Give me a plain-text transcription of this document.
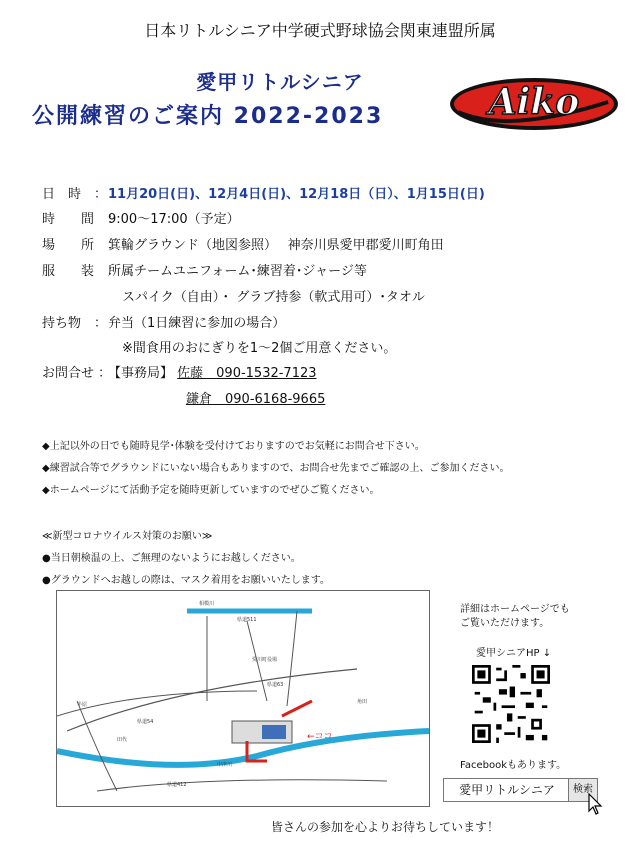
日本リトルシニア中学硬式野球協会関東連盟所属
愛甲リトルシニア
公開練習のご案内 2022-2023	Aiko
日　時　：11月20日(日)、12月4日(日)、12月18日（日）、1月15日(日)
時　　間　：9:00～17:00（予定）
場　　所　：箕輪グラウンド（地図参照）　 神奈川県愛甲郡愛川町角田
服　　装　：所属チームユニフォーム･練習着･ジャージ等
スパイク（自由）・ グラブ持参（軟式用可）･タオル
持ち物　：弁当（1日練習に参加の場合）
※間食用のおにぎりを1～2個ご用意ください。
お問合せ ：【事務局】 佐藤　090-1532-7123
鎌倉　090-6168-9665
◆上記以外の日でも随時見学･体験を受付けておりますのでお気軽にお問合せ下さい。
◆練習試合等でグラウンドにいない場合もありますので、お問合せ先までご確認の上、ご参加ください。
◆ホームページにて活動予定を随時更新していますのでぜひご覧ください。
≪新型コロナウイルス対策のお願い≫
●当日朝検温の上、ご無理のないようにお越しください。
●グラウンドへお越しの際は、マスク着用をお願いいたします。
←ココ
相模川
県道511
県道63
県道54
県道412
中津川
愛川町役場
半原
田代
角田
詳細はホームページでも
ご覧いただけます。
愛甲シニアHP ↓
Facebookもあります。
愛甲リトルシニア	検索
皆さんの参加を心よりお待ちしています！
